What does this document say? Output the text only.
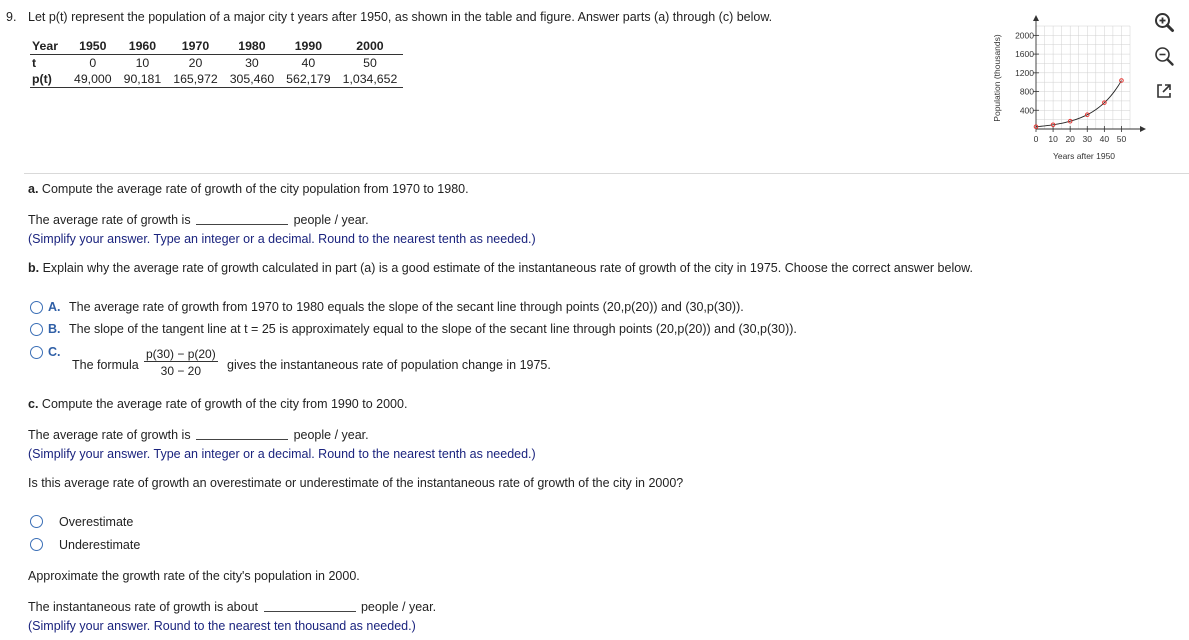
9. Let p(t) represent the population of a major city t years after 1950, as shown in the table and figure. Answer parts (a) through (c) below.
Year	1950	1960	1970	1980	1990	2000
t	0	10	20	30	40	50
p(t)	49,000	90,181	165,972	305,460	562,179	1,034,652
400
800
1200
1600
2000
0 10 20 30 40 50
Population (thousands)
Years after 1950
a. Compute the average rate of growth of the city population from 1970 to 1980.
The average rate of growth is	people / year.
(Simplify your answer. Type an integer or a decimal. Round to the nearest tenth as needed.)
b. Explain why the average rate of growth calculated in part (a) is a good estimate of the instantaneous rate of growth of the city in 1975. Choose the correct answer below.
A. The average rate of growth from 1970 to 1980 equals the slope of the secant line through points (20,p(20)) and (30,p(30)).
B. The slope of the tangent line at t = 25 is approximately equal to the slope of the secant line through points (20,p(20)) and (30,p(30)).
C.
The formula $\frac{p(30) - p(20)}{30 - 20}$ gives the instantaneous rate of population change in 1975.
c. Compute the average rate of growth of the city from 1990 to 2000.
The average rate of growth is	people / year.
(Simplify your answer. Type an integer or a decimal. Round to the nearest tenth as needed.)
Is this average rate of growth an overestimate or underestimate of the instantaneous rate of growth of the city in 2000?
Overestimate
Underestimate
Approximate the growth rate of the city's population in 2000.
The instantaneous rate of growth is about	people / year.
(Simplify your answer. Round to the nearest ten thousand as needed.)
